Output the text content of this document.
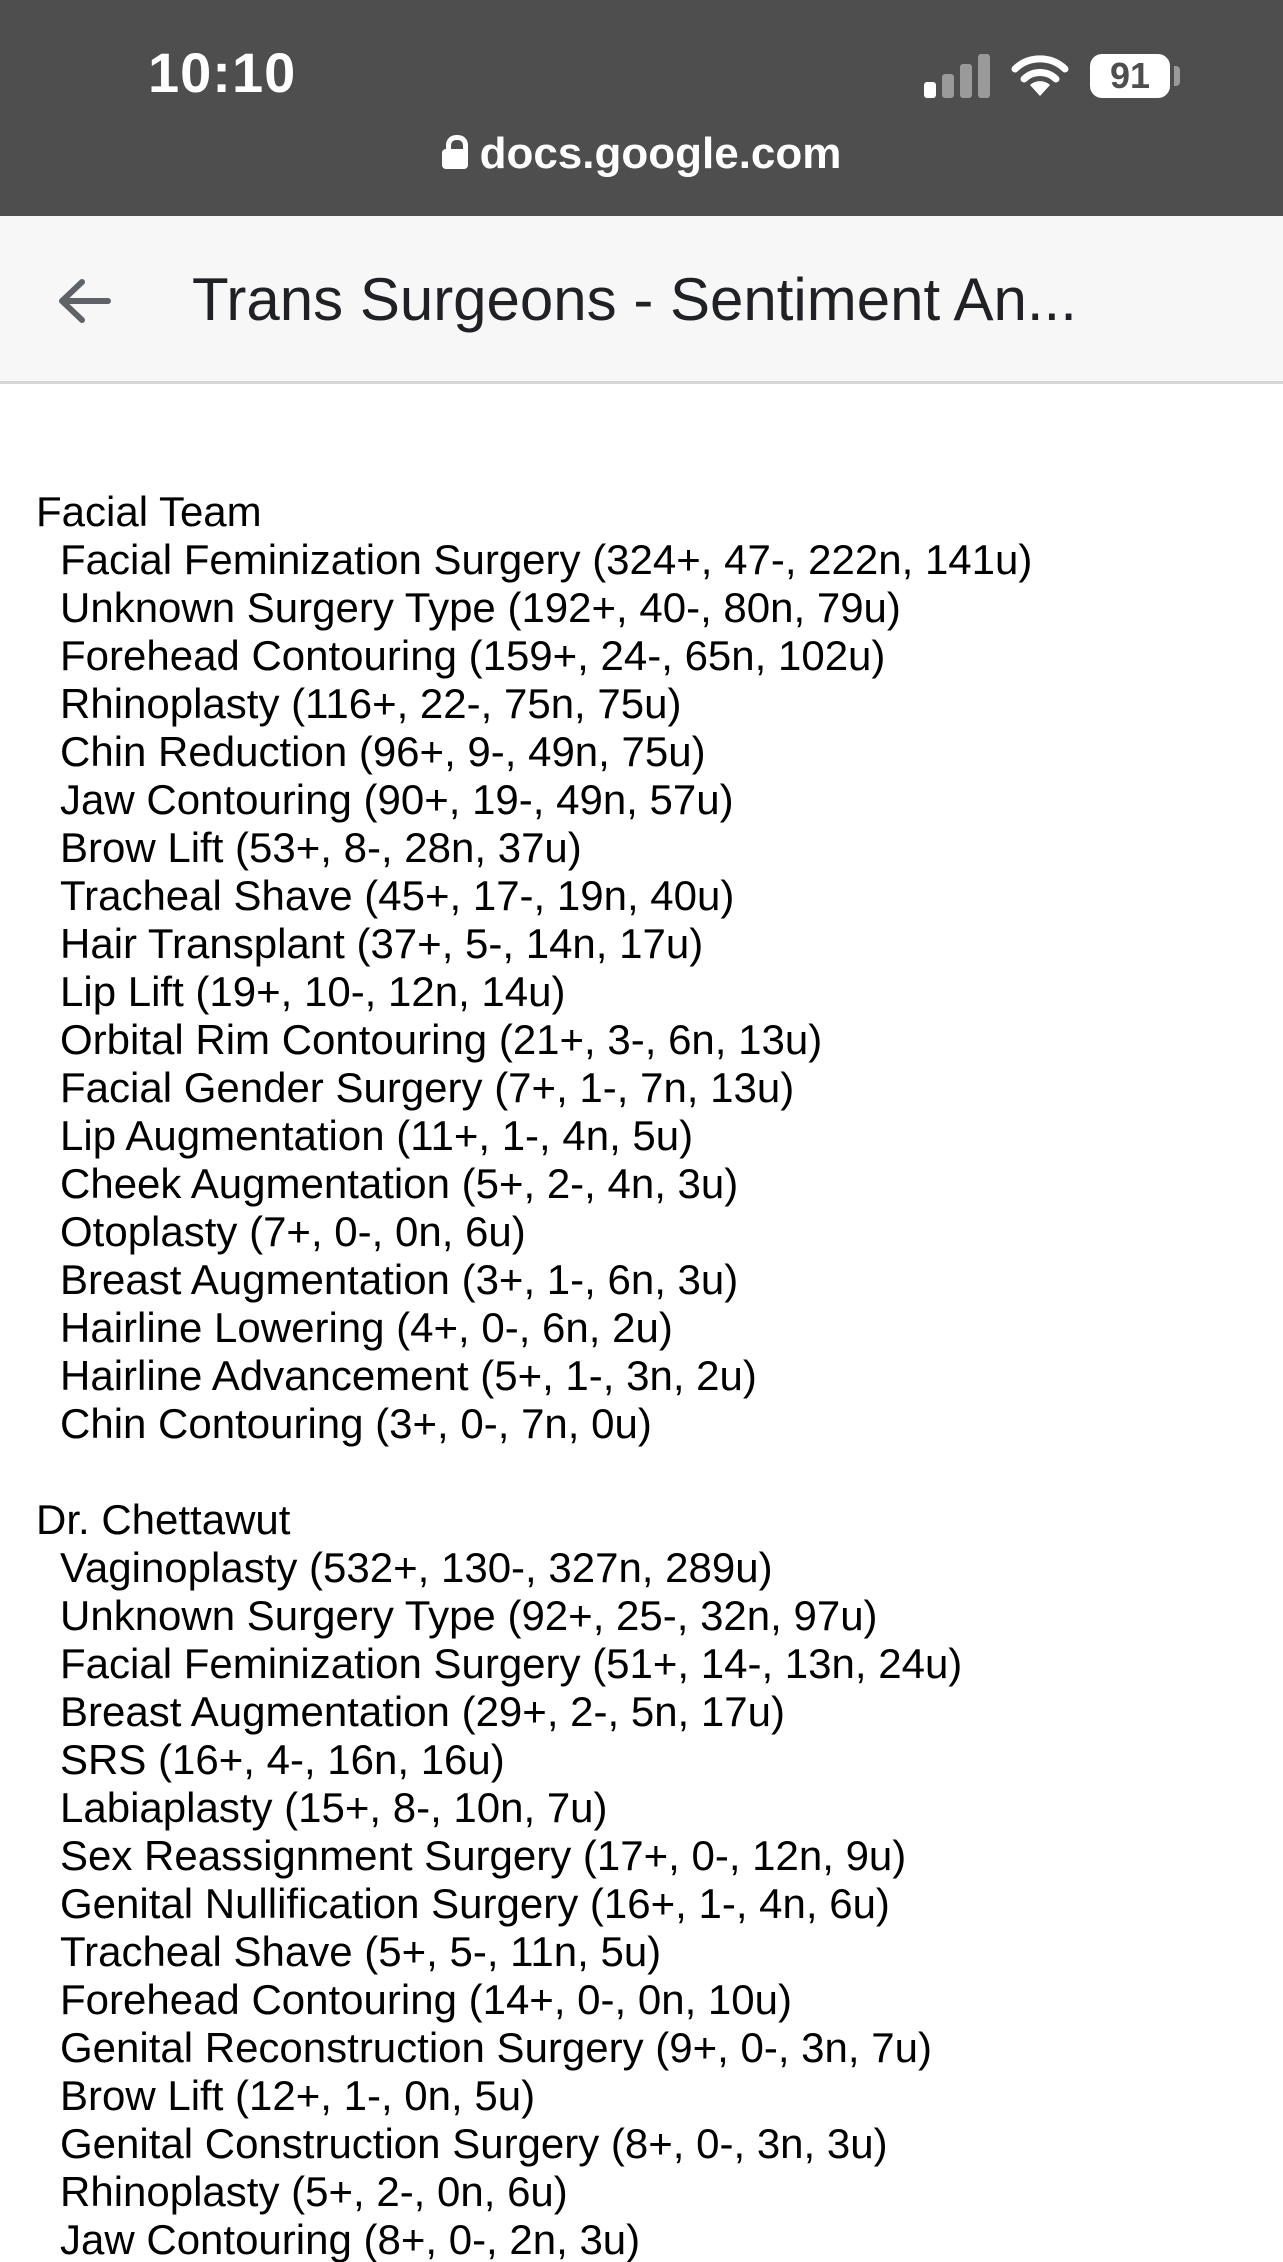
10:10	91
docs.google.com
Trans Surgeons - Sentiment An...
Facial Team
Facial Feminization Surgery (324+, 47-, 222n, 141u)
Unknown Surgery Type (192+, 40-, 80n, 79u)
Forehead Contouring (159+, 24-, 65n, 102u)
Rhinoplasty (116+, 22-, 75n, 75u)
Chin Reduction (96+, 9-, 49n, 75u)
Jaw Contouring (90+, 19-, 49n, 57u)
Brow Lift (53+, 8-, 28n, 37u)
Tracheal Shave (45+, 17-, 19n, 40u)
Hair Transplant (37+, 5-, 14n, 17u)
Lip Lift (19+, 10-, 12n, 14u)
Orbital Rim Contouring (21+, 3-, 6n, 13u)
Facial Gender Surgery (7+, 1-, 7n, 13u)
Lip Augmentation (11+, 1-, 4n, 5u)
Cheek Augmentation (5+, 2-, 4n, 3u)
Otoplasty (7+, 0-, 0n, 6u)
Breast Augmentation (3+, 1-, 6n, 3u)
Hairline Lowering (4+, 0-, 6n, 2u)
Hairline Advancement (5+, 1-, 3n, 2u)
Chin Contouring (3+, 0-, 7n, 0u)
Dr. Chettawut
Vaginoplasty (532+, 130-, 327n, 289u)
Unknown Surgery Type (92+, 25-, 32n, 97u)
Facial Feminization Surgery (51+, 14-, 13n, 24u)
Breast Augmentation (29+, 2-, 5n, 17u)
SRS (16+, 4-, 16n, 16u)
Labiaplasty (15+, 8-, 10n, 7u)
Sex Reassignment Surgery (17+, 0-, 12n, 9u)
Genital Nullification Surgery (16+, 1-, 4n, 6u)
Tracheal Shave (5+, 5-, 11n, 5u)
Forehead Contouring (14+, 0-, 0n, 10u)
Genital Reconstruction Surgery (9+, 0-, 3n, 7u)
Brow Lift (12+, 1-, 0n, 5u)
Genital Construction Surgery (8+, 0-, 3n, 3u)
Rhinoplasty (5+, 2-, 0n, 6u)
Jaw Contouring (8+, 0-, 2n, 3u)
